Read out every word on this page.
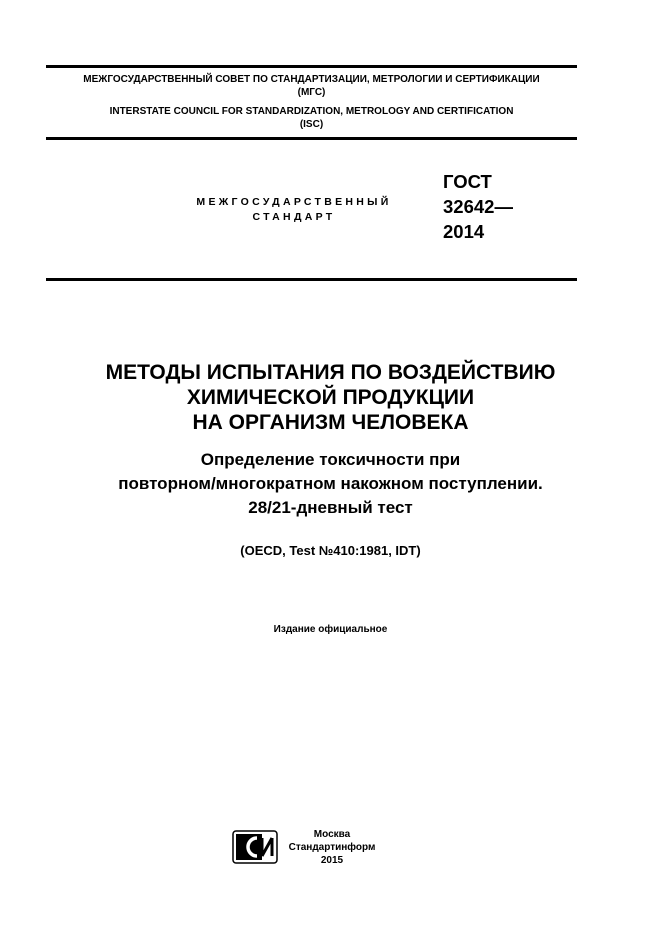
МЕЖГОСУДАРСТВЕННЫЙ СОВЕТ ПО СТАНДАРТИЗАЦИИ, МЕТРОЛОГИИ И СЕРТИФИКАЦИИ
(МГС)
INTERSTATE COUNCIL FOR STANDARDIZATION, METROLOGY AND CERTIFICATION
(ISC)
МЕЖГОСУДАРСТВЕННЫЙ
СТАНДАРТ
ГОСТ
32642—
2014
МЕТОДЫ ИСПЫТАНИЯ ПО ВОЗДЕЙСТВИЮ
ХИМИЧЕСКОЙ ПРОДУКЦИИ
НА ОРГАНИЗМ ЧЕЛОВЕКА
Определение токсичности при
повторном/многократном накожном поступлении.
28/21-дневный тест
(OECD, Test №410:1981, IDT)
Издание официальное
Москва
Стандартинформ
2015
